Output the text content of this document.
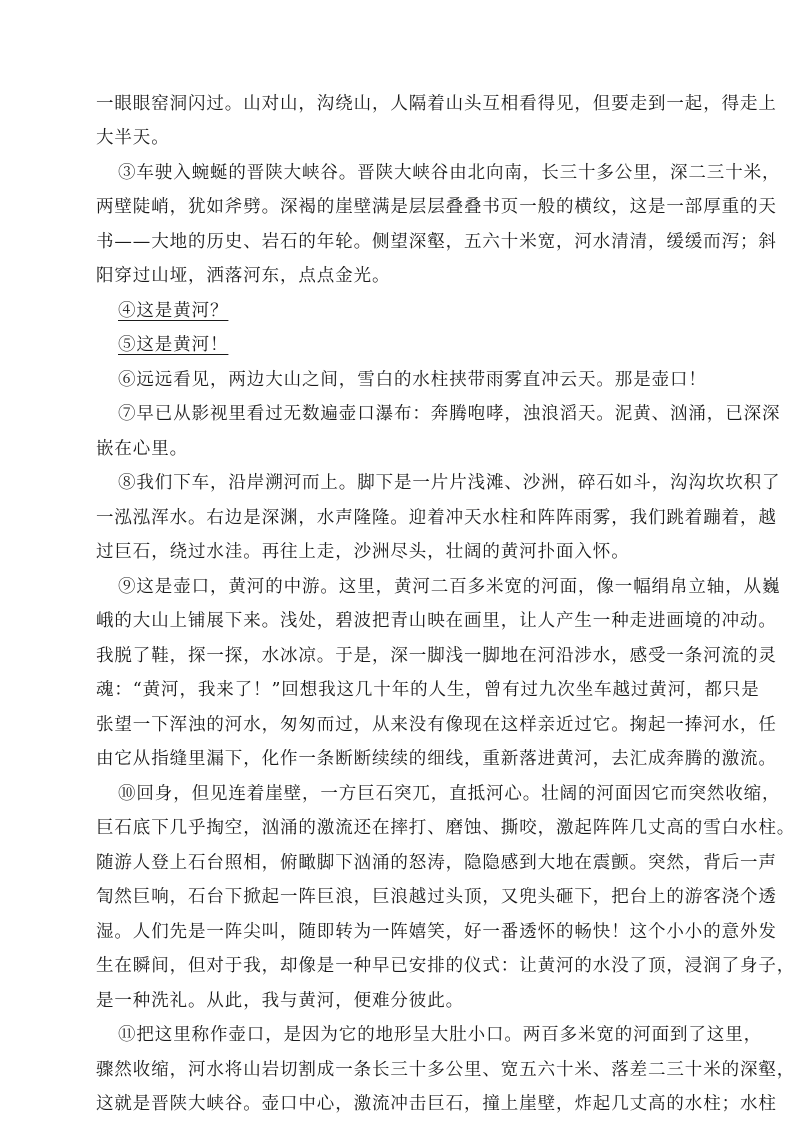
一眼眼窑洞闪过。山对山，沟绕山，人隔着山头互相看得见，但要走到一起，得走上
大半天。
③车驶入蜿蜒的晋陕大峡谷。晋陕大峡谷由北向南，长三十多公里，深二三十米，
两壁陡峭，犹如斧劈。深褐的崖壁满是层层叠叠书页一般的横纹，这是一部厚重的天
书——大地的历史、岩石的年轮。侧望深壑，五六十米宽，河水清清，缓缓而泻；斜
阳穿过山垭，洒落河东，点点金光。
④这是黄河？
⑤这是黄河！
⑥远远看见，两边大山之间，雪白的水柱挟带雨雾直冲云天。那是壶口！
⑦早已从影视里看过无数遍壶口瀑布：奔腾咆哮，浊浪滔天。泥黄、汹涌，已深深
嵌在心里。
⑧我们下车，沿岸溯河而上。脚下是一片片浅滩、沙洲，碎石如斗，沟沟坎坎积了
一泓泓浑水。右边是深渊，水声隆隆。迎着冲天水柱和阵阵雨雾，我们跳着蹦着，越
过巨石，绕过水洼。再往上走，沙洲尽头，壮阔的黄河扑面入怀。
⑨这是壶口，黄河的中游。这里，黄河二百多米宽的河面，像一幅绢帛立轴，从巍
峨的大山上铺展下来。浅处，碧波把青山映在画里，让人产生一种走进画境的冲动。
我脱了鞋，探一探，水冰凉。于是，深一脚浅一脚地在河沿涉水，感受一条河流的灵
魂：“黄河，我来了！”回想我这几十年的人生，曾有过九次坐车越过黄河，都只是
张望一下浑浊的河水，匆匆而过，从来没有像现在这样亲近过它。掬起一捧河水，任
由它从指缝里漏下，化作一条断断续续的细线，重新落进黄河，去汇成奔腾的激流。
⑩回身，但见连着崖壁，一方巨石突兀，直抵河心。壮阔的河面因它而突然收缩，
巨石底下几乎掏空，汹涌的激流还在摔打、磨蚀、撕咬，激起阵阵几丈高的雪白水柱。
随游人登上石台照相，俯瞰脚下汹涌的怒涛，隐隐感到大地在震颤。突然，背后一声
訇然巨响，石台下掀起一阵巨浪，巨浪越过头顶，又兜头砸下，把台上的游客浇个透
湿。人们先是一阵尖叫，随即转为一阵嬉笑，好一番透怀的畅快！这个小小的意外发
生在瞬间，但对于我，却像是一种早已安排的仪式：让黄河的水没了顶，浸润了身子，
是一种洗礼。从此，我与黄河，便难分彼此。
⑪把这里称作壶口，是因为它的地形呈大肚小口。两百多米宽的河面到了这里，
骤然收缩，河水将山岩切割成一条长三十多公里、宽五六十米、落差二三十米的深壑，
这就是晋陕大峡谷。壶口中心，激流冲击巨石，撞上崖壁，炸起几丈高的水柱；水柱
